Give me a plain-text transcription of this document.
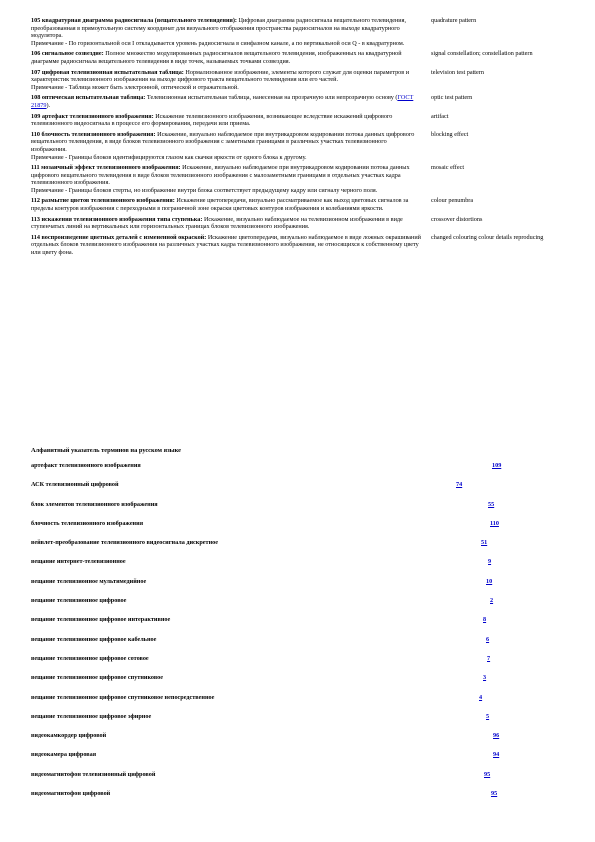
105 квадратурная диаграмма радиосигнала (вещательного телевидения): Цифровая диаграмма радиосигнала вещательного телевидения, преобразованная в прямоугольную систему координат для визуального отображения пространства радиосигналов на выходе квадратурного модулятора.
Примечание - По горизонтальной оси I откладывается уровень радиосигнала в синфазном канале, а по вертикальной оси Q - в квадратурном.
quadrature pattern
106 сигнальное созвездие: Полное множество модулированных радиосигналов вещательного телевидения, изображенных на квадратурной диаграмме радиосигнала вещательного телевидения в виде точек, называемых точками созвездия.
signal constellation; constellation pattern
107 цифровая телевизионная испытательная таблица: Нормализованное изображение, элементы которого служат для оценки параметров и характеристик телевизионного изображения на выходе цифрового тракта вещательного телевидения или его частей.
Примечание - Таблица может быть электронной, оптической и отражательной.
television test pattern
108 оптическая испытательная таблица: Телевизионная испытательная таблица, нанесенная на прозрачную или непрозрачную основу (ГОСТ 21879).
optic test pattern
109 артефакт телевизионного изображения: Искажение телевизионного изображения, возникающее вследствие искажений цифрового телевизионного видеосигнала в процессе его формирования, передачи или приема.
artifact
110 блочность телевизионного изображения: Искажение, визуально наблюдаемое при внутрикадровом кодировании потока данных цифрового вещательного телевидения, в виде блоков телевизионного изображения с заметными границами в различных участках телевизионного изображения.
Примечание - Границы блоков идентифицируются глазом как скачки яркости от одного блока к другому.
blocking effect
111 мозаичный эффект телевизионного изображения: Искажение, визуально наблюдаемое при внутрикадровом кодировании потока данных цифрового вещательного телевидения в виде блоков телевизионного изображения с малозаметными границами в отдельных участках кадра телевизионного изображения.
Примечание - Границы блоков стерты, но изображение внутри блока соответствует предыдущему кадру или сигналу черного поля.
mosaic effect
112 размытие цветов телевизионного изображения: Искажение цветопередачи, визуально рассматриваемое как выход цветовых сигналов за пределы контуров изображения с переходными в пограничной зоне окраски цветовых контуров изображения и колебаниями яркости.
colour penumbra
113 искажения телевизионного изображения типа ступенька: Искажение, визуально наблюдаемое на телевизионном изображении в виде ступенчатых линий на вертикальных или горизонтальных границах блоков телевизионного изображения.
crossover distortions
114 воспроизведение цветных деталей с измененной окраской: Искажение цветопередачи, визуально наблюдаемое в виде ложных окрашиваний отдельных блоков телевизионного изображения на различных участках кадра телевизионного изображения, не относящихся к собственному цвету или цвету фона.
changed colouring colour details reproducing
Алфавитный указатель терминов на русском языке
артефакт телевизионного изображения	109
АСК телевизионный цифровой	74
блок элементов телевизионного изображения	55
блочность телевизионного изображения	110
вейвлет-преобразование телевизионного видеосигнала дискретное	51
вещание интернет-телевизионное	9
вещание телевизионное мультимедийное	10
вещание телевизионное цифровое	2
вещание телевизионное цифровое интерактивное	8
вещание телевизионное цифровое кабельное	6
вещание телевизионное цифровое сотовое	7
вещание телевизионное цифровое спутниковое	3
вещание телевизионное цифровое спутниковое непосредственное	4
вещание телевизионное цифровое эфирное	5
видеокамкордер цифровой	96
видеокамера цифровая	94
видеомагнитофон телевизионный цифровой	95
видеомагнитофон цифровой	95
